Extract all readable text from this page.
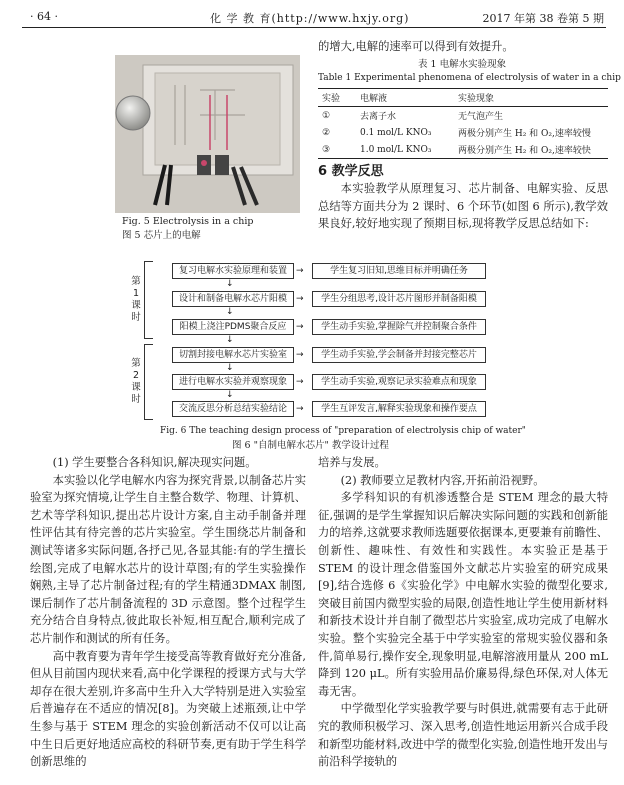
· 64 ·	化 学 教 育(http://www.hxjy.org)	2017 年第 38 卷第 5 期
Fig. 5 Electrolysis in a chip
图 5 芯片上的电解
的增大,电解的速率可以得到有效提升。
表 1 电解水实验现象
Table 1 Experimental phenomena of electrolysis of water in a chip
实验	电解液	实验现象
①	去离子水	无气泡产生
②	0.1 mol/L KNO₃	两极分别产生 H₂ 和 O₂,速率较慢
③	1.0 mol/L KNO₃	两极分别产生 H₂ 和 O₂,速率较快
6 教学反思
本实验教学从原理复习、芯片制备、电解实验、反思总结等方面共分为 2 课时、6 个环节(如图 6 所示),教学效果良好,较好地实现了预期目标,现将教学反思总结如下:
第1课时
第2课时
复习电解水实验原理和装置
设计和制备电解水芯片阳模
阳模上浇注PDMS聚合反应
切割封接电解水芯片实验室
进行电解水实验并观察现象
交流反思分析总结实验结论
↓
↓
↓
↓
↓
→
→
→
→
→
→
学生复习旧知,思维目标并明确任务
学生分组思考,设计芯片图形并制备阳模
学生动手实验,掌握除气并控制聚合条件
学生动手实验,学会制备并封接完整芯片
学生动手实验,观察记录实验难点和现象
学生互评发言,解释实验现象和操作要点
Fig. 6 The teaching design process of "preparation of electrolysis chip of water"
图 6 "自制电解水芯片" 教学设计过程

(1) 学生要整合各科知识,解决现实问题。

本实验以化学电解水内容为探究背景,以制备芯片实验室为探究情境,让学生自主整合数学、物理、计算机、艺术等学科知识,提出芯片设计方案,自主动手制备并理性评估其有待完善的芯片实验室。学生围绕芯片制备和测试等诸多实际问题,各抒己见,各显其能:有的学生擅长绘图,完成了电解水芯片的设计草图;有的学生实验操作娴熟,主导了芯片制备过程;有的学生精通3DMAX 制图,课后制作了芯片制备流程的 3D 示意图。整个过程学生充分结合自身特点,彼此取长补短,相互配合,顺利完成了芯片制作和测试的所有任务。

高中教育要为青年学生接受高等教育做好充分准备,但从目前国内现状来看,高中化学课程的授课方式与大学却存在很大差别,许多高中生升入大学特别是进入实验室后普遍存在不适应的情况[8]。为突破上述瓶颈,让中学生参与基于 STEM 理念的实验创新活动不仅可以让高中生日后更好地适应高校的科研节奏,更有助于学生科学创新思维的

培养与发展。

(2) 教师要立足教材内容,开拓前沿视野。

多学科知识的有机渗透整合是 STEM 理念的最大特征,强调的是学生掌握知识后解决实际问题的实践和创新能力的培养,这就要求教师选题要依据课本,更要兼有前瞻性、创新性、趣味性、有效性和实践性。本实验正是基于 STEM 的设计理念借鉴国外文献芯片实验室的研究成果[9],结合选修 6《实验化学》中电解水实验的微型化要求,突破目前国内微型实验的局限,创造性地让学生使用新材料和新技术设计并自制了微型芯片实验室,成功完成了电解水实验。整个实验完全基于中学实验室的常规实验仪器和条件,简单易行,操作安全,现象明显,电解溶液用量从 200 mL 降到 120 μL。所有实验用品价廉易得,绿色环保,对人体无毒无害。

中学微型化学实验教学要与时俱进,就需要有志于此研究的教师积极学习、深入思考,创造性地运用新兴合成手段和新型功能材料,改进中学的微型化实验,创造性地开发出与前沿科学接轨的
